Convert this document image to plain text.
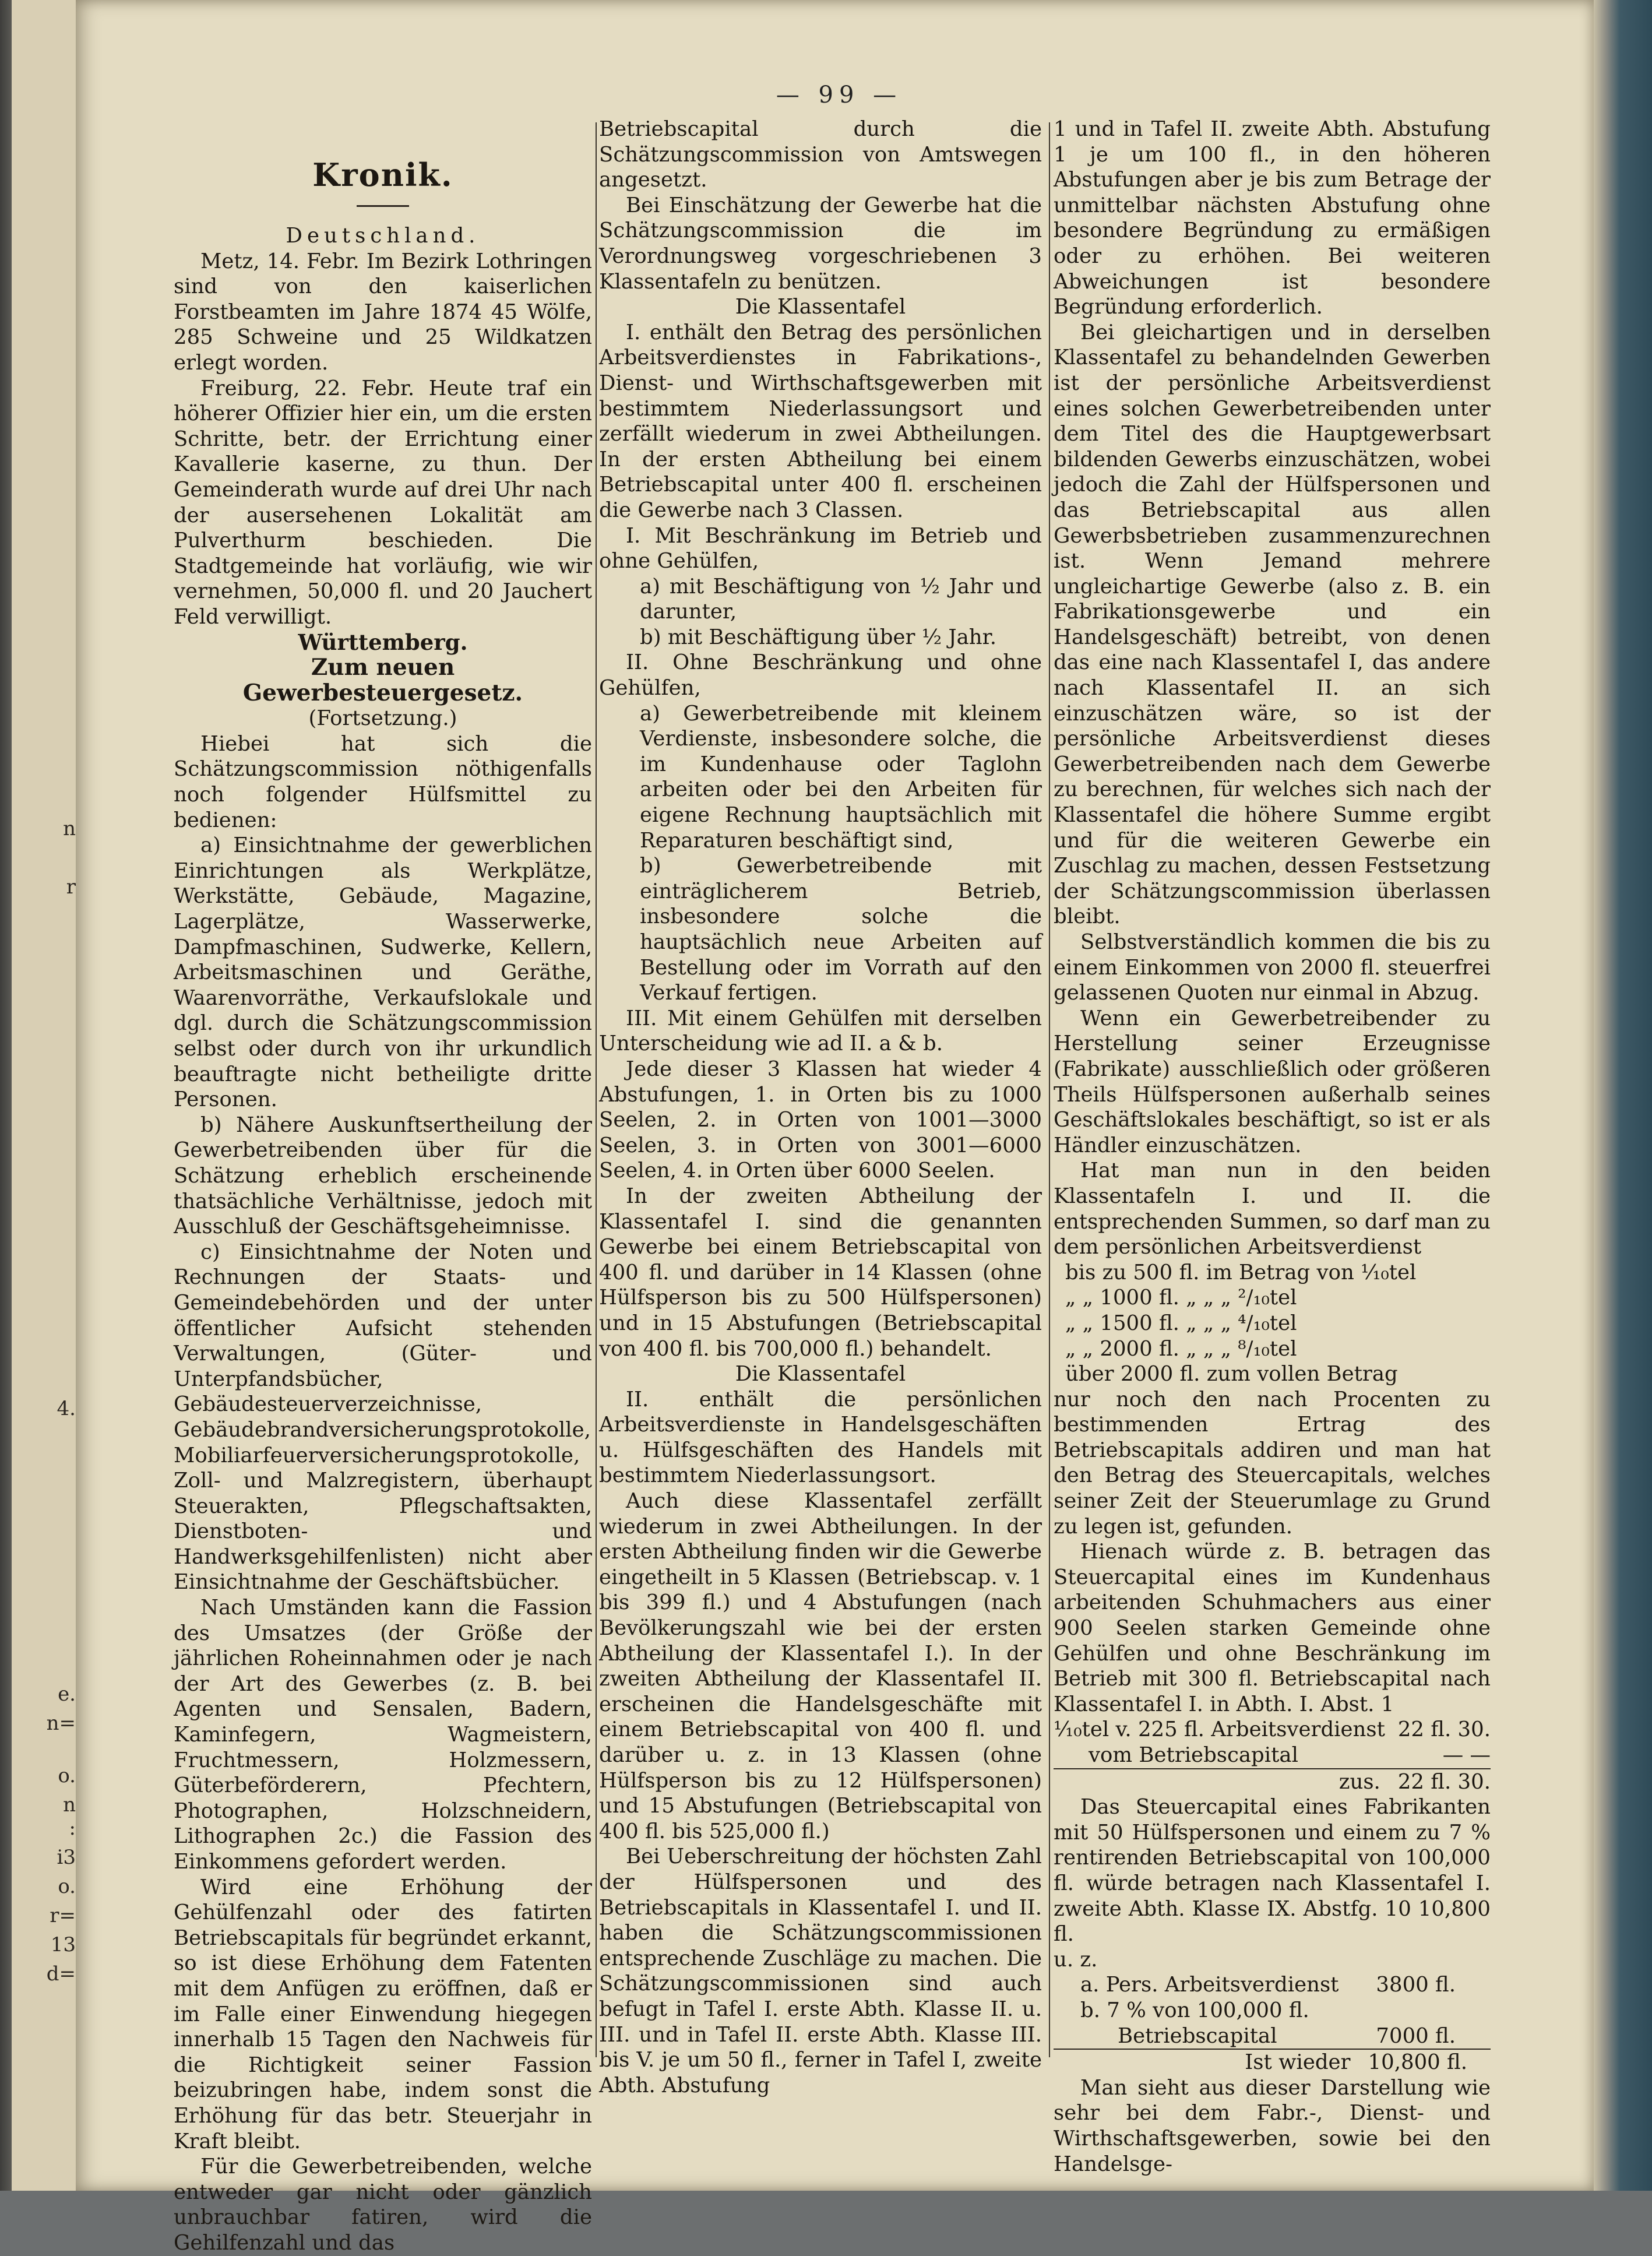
n
r
4.
e.
n=
o.
n
:
i3
o.
r=
13
d=
— 99 —
Kronik.

Deutschland.

Metz, 14. Febr. Im Bezirk Lothringen sind von den kaiserlichen Forstbeamten im Jahre 1874 45 Wölfe, 285 Schweine und 25 Wildkatzen erlegt worden.

Freiburg, 22. Febr. Heute traf ein höherer Offizier hier ein, um die ersten Schritte, betr. der Errichtung einer Kavallerie kaserne, zu thun. Der Gemeinderath wurde auf drei Uhr nach der ausersehenen Lokalität am Pulverthurm beschieden. Die Stadtgemeinde hat vorläufig, wie wir vernehmen, 50,000 fl. und 20 Jauchert Feld verwilligt.

Württemberg.

Zum neuen Gewerbesteuergesetz.

(Fortsetzung.)

Hiebei hat sich die Schätzungscommission nöthigenfalls noch folgender Hülfsmittel zu bedienen:

a) Einsichtnahme der gewerblichen Einrichtungen als Werkplätze, Werkstätte, Gebäude, Magazine, Lagerplätze, Wasserwerke, Dampfmaschinen, Sudwerke, Kellern, Arbeitsmaschinen und Geräthe, Waarenvorräthe, Verkaufslokale und dgl. durch die Schätzungscommission selbst oder durch von ihr urkundlich beauftragte nicht betheiligte dritte Personen.

b) Nähere Auskunftsertheilung der Gewerbetreibenden über für die Schätzung erheblich erscheinende thatsächliche Verhältnisse, jedoch mit Ausschluß der Geschäftsgeheimnisse.

c) Einsichtnahme der Noten und Rechnungen der Staats- und Gemeindebehörden und der unter öffentlicher Aufsicht stehenden Verwaltungen, (Güter- und Unterpfandsbücher, Gebäudesteuerverzeichnisse, Gebäudebrandversicherungsprotokolle, Mobiliarfeuerversicherungsprotokolle, Zoll- und Malzregistern, überhaupt Steuerakten, Pflegschaftsakten, Dienstboten- und Handwerksgehilfenlisten) nicht aber Einsichtnahme der Geschäftsbücher.

Nach Umständen kann die Fassion des Umsatzes (der Größe der jährlichen Roheinnahmen oder je nach der Art des Gewerbes (z. B. bei Agenten und Sensalen, Badern, Kaminfegern, Wagmeistern, Fruchtmessern, Holzmessern, Güterbeförderern, Pfechtern, Photographen, Holzschneidern, Lithographen 2c.) die Fassion des Einkommens gefordert werden.

Wird eine Erhöhung der Gehülfenzahl oder des fatirten Betriebscapitals für begründet erkannt, so ist diese Erhöhung dem Fatenten mit dem Anfügen zu eröffnen, daß er im Falle einer Einwendung hiegegen innerhalb 15 Tagen den Nachweis für die Richtigkeit seiner Fassion beizubringen habe, indem sonst die Erhöhung für das betr. Steuerjahr in Kraft bleibt.

Für die Gewerbetreibenden, welche entweder gar nicht oder gänzlich unbrauchbar fatiren, wird die Gehilfenzahl und das

Betriebscapital durch die Schätzungscommission von Amtswegen angesetzt.

Bei Einschätzung der Gewerbe hat die Schätzungscommission die im Verordnungsweg vorgeschriebenen 3 Klassentafeln zu benützen.

Die Klassentafel

I. enthält den Betrag des persönlichen Arbeitsverdienstes in Fabrikations-, Dienst- und Wirthschaftsgewerben mit bestimmtem Niederlassungsort und zerfällt wiederum in zwei Abtheilungen. In der ersten Abtheilung bei einem Betriebscapital unter 400 fl. erscheinen die Gewerbe nach 3 Classen.

I. Mit Beschränkung im Betrieb und ohne Gehülfen,

a) mit Beschäftigung von ½ Jahr und darunter,

b) mit Beschäftigung über ½ Jahr.

II. Ohne Beschränkung und ohne Gehülfen,

a) Gewerbetreibende mit kleinem Verdienste, insbesondere solche, die im Kundenhause oder Taglohn arbeiten oder bei den Arbeiten für eigene Rechnung hauptsächlich mit Reparaturen beschäftigt sind,

b) Gewerbetreibende mit einträglicherem Betrieb, insbesondere solche die hauptsächlich neue Arbeiten auf Bestellung oder im Vorrath auf den Verkauf fertigen.

III. Mit einem Gehülfen mit derselben Unterscheidung wie ad II. a & b.

Jede dieser 3 Klassen hat wieder 4 Abstufungen, 1. in Orten bis zu 1000 Seelen, 2. in Orten von 1001—3000 Seelen, 3. in Orten von 3001—6000 Seelen, 4. in Orten über 6000 Seelen.

In der zweiten Abtheilung der Klassentafel I. sind die genannten Gewerbe bei einem Betriebscapital von 400 fl. und darüber in 14 Klassen (ohne Hülfsperson bis zu 500 Hülfspersonen) und in 15 Abstufungen (Betriebscapital von 400 fl. bis 700,000 fl.) behandelt.

Die Klassentafel

II. enthält die persönlichen Arbeitsverdienste in Handelsgeschäften u. Hülfsgeschäften des Handels mit bestimmtem Niederlassungsort.

Auch diese Klassentafel zerfällt wiederum in zwei Abtheilungen. In der ersten Abtheilung finden wir die Gewerbe eingetheilt in 5 Klassen (Betriebscap. v. 1 bis 399 fl.) und 4 Abstufungen (nach Bevölkerungszahl wie bei der ersten Abtheilung der Klassentafel I.). In der zweiten Abtheilung der Klassentafel II. erscheinen die Handelsgeschäfte mit einem Betriebscapital von 400 fl. und darüber u. z. in 13 Klassen (ohne Hülfsperson bis zu 12 Hülfspersonen) und 15 Abstufungen (Betriebscapital von 400 fl. bis 525,000 fl.)

Bei Ueberschreitung der höchsten Zahl der Hülfspersonen und des Betriebscapitals in Klassentafel I. und II. haben die Schätzungscommissionen entsprechende Zuschläge zu machen. Die Schätzungscommissionen sind auch befugt in Tafel I. erste Abth. Klasse II. u. III. und in Tafel II. erste Abth. Klasse III. bis V. je um 50 fl., ferner in Tafel I, zweite Abth. Abstufung

1 und in Tafel II. zweite Abth. Abstufung 1 je um 100 fl., in den höheren Abstufungen aber je bis zum Betrage der unmittelbar nächsten Abstufung ohne besondere Begründung zu ermäßigen oder zu erhöhen. Bei weiteren Abweichungen ist besondere Begründung erforderlich.

Bei gleichartigen und in derselben Klassentafel zu behandelnden Gewerben ist der persönliche Arbeitsverdienst eines solchen Gewerbetreibenden unter dem Titel des die Hauptgewerbsart bildenden Gewerbs einzuschätzen, wobei jedoch die Zahl der Hülfspersonen und das Betriebscapital aus allen Gewerbsbetrieben zusammenzurechnen ist. Wenn Jemand mehrere ungleichartige Gewerbe (also z. B. ein Fabrikationsgewerbe und ein Handelsgeschäft) betreibt, von denen das eine nach Klassentafel I, das andere nach Klassentafel II. an sich einzuschätzen wäre, so ist der persönliche Arbeitsverdienst dieses Gewerbetreibenden nach dem Gewerbe zu berechnen, für welches sich nach der Klassentafel die höhere Summe ergibt und für die weiteren Gewerbe ein Zuschlag zu machen, dessen Festsetzung der Schätzungscommission überlassen bleibt.

Selbstverständlich kommen die bis zu einem Einkommen von 2000 fl. steuerfrei gelassenen Quoten nur einmal in Abzug.

Wenn ein Gewerbetreibender zu Herstellung seiner Erzeugnisse (Fabrikate) ausschließlich oder größeren Theils Hülfspersonen außerhalb seines Geschäftslokales beschäftigt, so ist er als Händler einzuschätzen.

Hat man nun in den beiden Klassentafeln I. und II. die entsprechenden Summen, so darf man zu dem persönlichen Arbeitsverdienst

bis zu 500 fl. im Betrag von ⅟₁₀tel

„ „ 1000 fl. „ „ „ ²/₁₀tel

„ „ 1500 fl. „ „ „ ⁴/₁₀tel

„ „ 2000 fl. „ „ „ ⁸/₁₀tel

über 2000 fl. zum vollen Betrag

nur noch den nach Procenten zu bestimmenden Ertrag des Betriebscapitals addiren und man hat den Betrag des Steuercapitals, welches seiner Zeit der Steuerumlage zu Grund zu legen ist, gefunden.

Hienach würde z. B. betragen das Steuercapital eines im Kundenhaus arbeitenden Schuhmachers aus einer 900 Seelen starken Gemeinde ohne Gehülfen und ohne Beschränkung im Betrieb mit 300 fl. Betriebscapital nach Klassentafel I. in Abth. I. Abst. 1

⅟₁₀tel v. 225 fl. Arbeitsverdienst 22 fl. 30.
vom Betriebscapital	— —
zus. 22 fl. 30.

Das Steuercapital eines Fabrikanten mit 50 Hülfspersonen und einem zu 7 % rentirenden Betriebscapital von 100,000 fl. würde betragen nach Klassentafel I. zweite Abth. Klasse IX. Abstfg. 10 10,800 fl.

u. z.

a. Pers. Arbeitsverdienst 3800 fl.
b. 7 % von 100,000 fl.
Betriebscapital	7000 fl.
Ist wieder 10,800 fl.

Man sieht aus dieser Darstellung wie sehr bei dem Fabr.-, Dienst- und Wirthschaftsgewerben, sowie bei den Handelsge-
